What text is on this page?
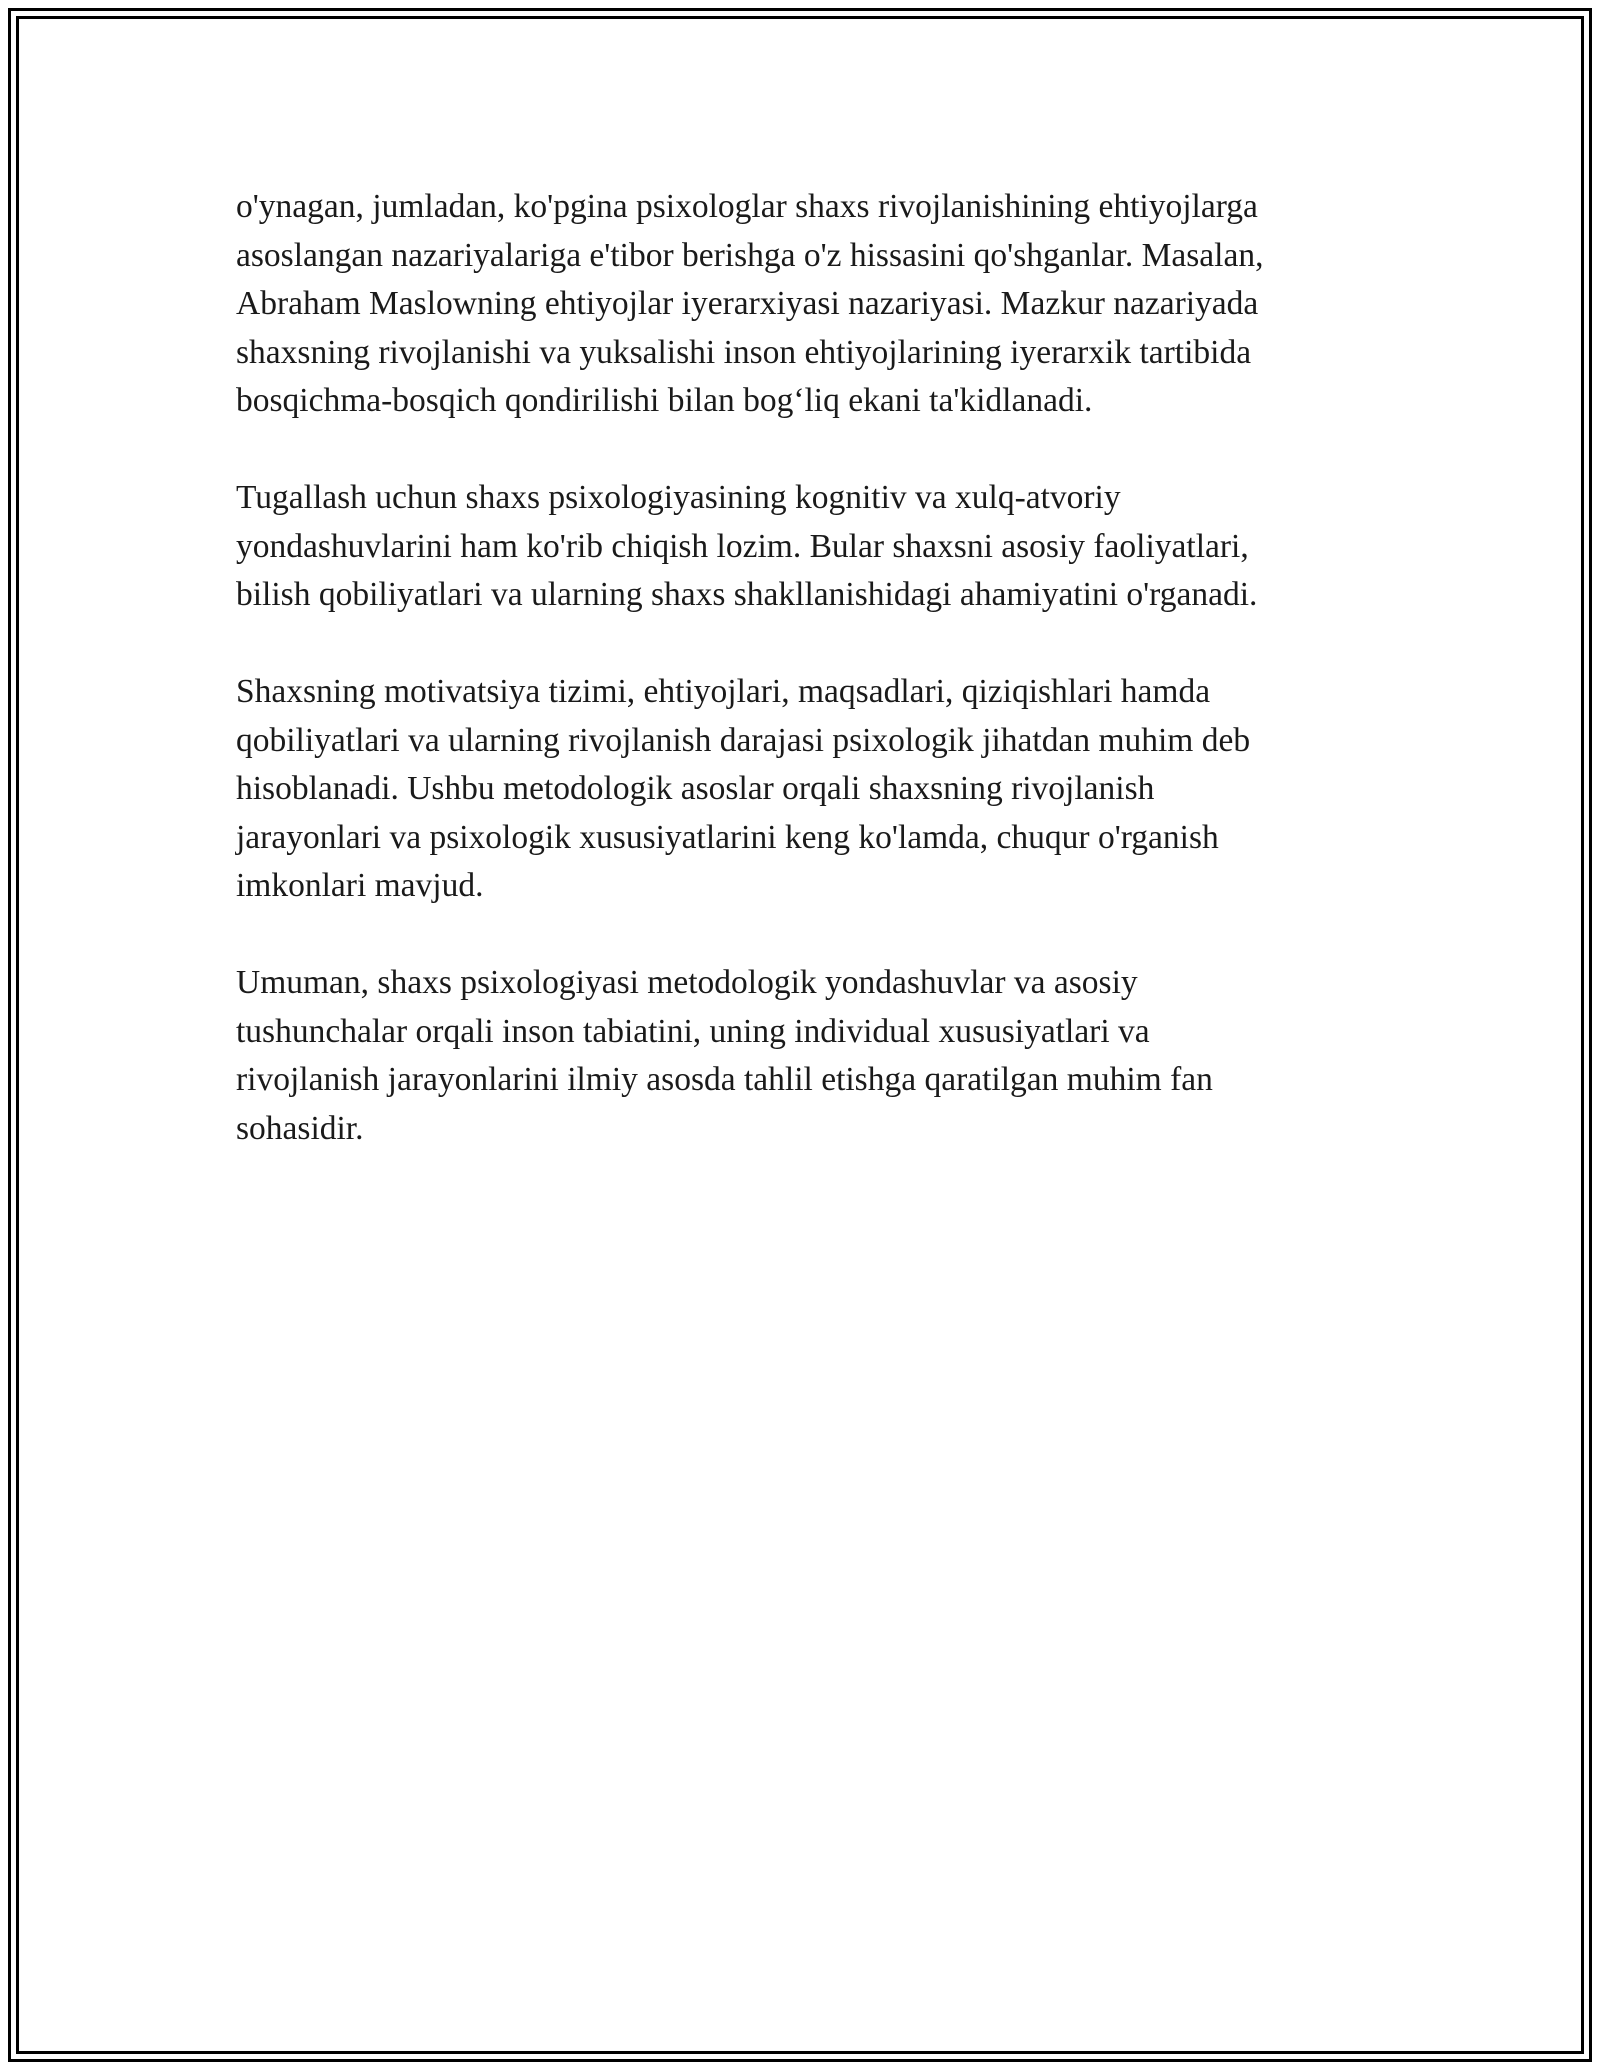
o'ynagan, jumladan, ko'pgina psixologlar shaxs rivojlanishining ehtiyojlarga
asoslangan nazariyalariga e'tibor berishga o'z hissasini qo'shganlar. Masalan,
Abraham Maslowning ehtiyojlar iyerarxiyasi nazariyasi. Mazkur nazariyada
shaxsning rivojlanishi va yuksalishi inson ehtiyojlarining iyerarxik tartibida
bosqichma-bosqich qondirilishi bilan bog‘liq ekani ta'kidlanadi.

Tugallash uchun shaxs psixologiyasining kognitiv va xulq-atvoriy
yondashuvlarini ham ko'rib chiqish lozim. Bular shaxsni asosiy faoliyatlari,
bilish qobiliyatlari va ularning shaxs shakllanishidagi ahamiyatini o'rganadi.

Shaxsning motivatsiya tizimi, ehtiyojlari, maqsadlari, qiziqishlari hamda
qobiliyatlari va ularning rivojlanish darajasi psixologik jihatdan muhim deb
hisoblanadi. Ushbu metodologik asoslar orqali shaxsning rivojlanish
jarayonlari va psixologik xususiyatlarini keng ko'lamda, chuqur o'rganish
imkonlari mavjud.

Umuman, shaxs psixologiyasi metodologik yondashuvlar va asosiy
tushunchalar orqali inson tabiatini, uning individual xususiyatlari va
rivojlanish jarayonlarini ilmiy asosda tahlil etishga qaratilgan muhim fan
sohasidir.
